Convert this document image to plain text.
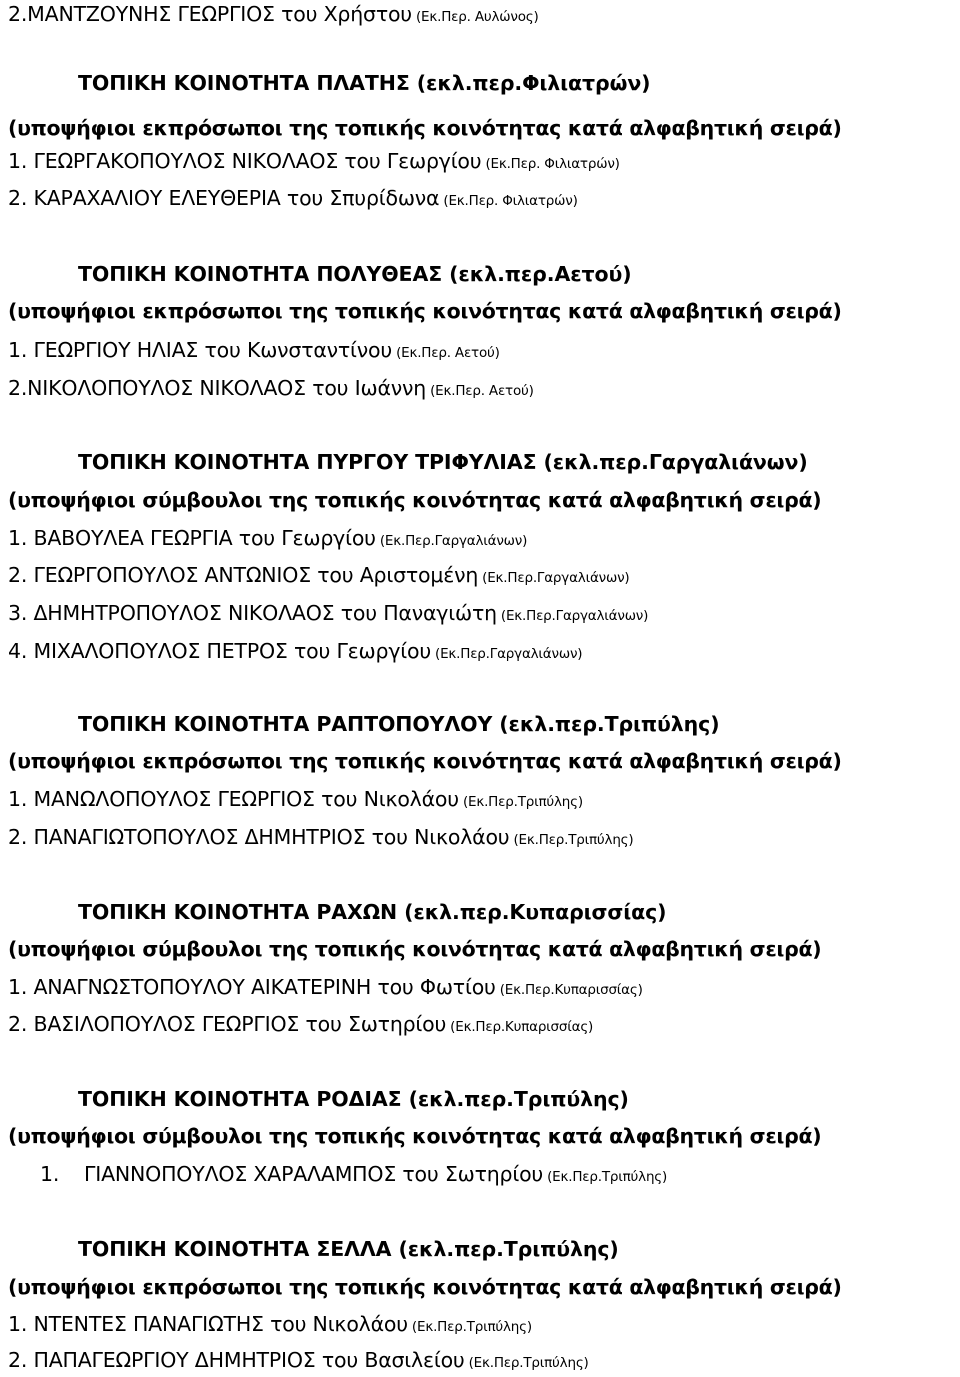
2.ΜΑΝΤΖΟΥΝΗΣ ΓΕΩΡΓΙΟΣ του Χρήστου (Εκ.Περ. Αυλώνος)
ΤΟΠΙΚΗ ΚΟΙΝΟΤΗΤΑ ΠΛΑΤΗΣ (εκλ.περ.Φιλιατρών)
(υποψήφιοι εκπρόσωποι της τοπικής κοινότητας κατά αλφαβητική σειρά)
1. ΓΕΩΡΓΑΚΟΠΟΥΛΟΣ ΝΙΚΟΛΑΟΣ του Γεωργίου (Εκ.Περ. Φιλιατρών)
2. ΚΑΡΑΧΑΛΙΟΥ ΕΛΕΥΘΕΡΙΑ του Σπυρίδωνα (Εκ.Περ. Φιλιατρών)
ΤΟΠΙΚΗ ΚΟΙΝΟΤΗΤΑ ΠΟΛΥΘΕΑΣ (εκλ.περ.Αετού)
(υποψήφιοι εκπρόσωποι της τοπικής κοινότητας κατά αλφαβητική σειρά)
1. ΓΕΩΡΓΙΟΥ ΗΛΙΑΣ του Κωνσταντίνου (Εκ.Περ. Αετού)
2.ΝΙΚΟΛΟΠΟΥΛΟΣ ΝΙΚΟΛΑΟΣ του Ιωάννη (Εκ.Περ. Αετού)
ΤΟΠΙΚΗ ΚΟΙΝΟΤΗΤΑ ΠΥΡΓΟΥ ΤΡΙΦΥΛΙΑΣ (εκλ.περ.Γαργαλιάνων)
(υποψήφιοι σύμβουλοι της τοπικής κοινότητας κατά αλφαβητική σειρά)
1. ΒΑΒΟΥΛΕΑ ΓΕΩΡΓΙΑ του Γεωργίου (Εκ.Περ.Γαργαλιάνων)
2. ΓΕΩΡΓΟΠΟΥΛΟΣ ΑΝΤΩΝΙΟΣ του Αριστομένη (Εκ.Περ.Γαργαλιάνων)
3. ΔΗΜΗΤΡΟΠΟΥΛΟΣ ΝΙΚΟΛΑΟΣ του Παναγιώτη (Εκ.Περ.Γαργαλιάνων)
4. ΜΙΧΑΛΟΠΟΥΛΟΣ ΠΕΤΡΟΣ του Γεωργίου (Εκ.Περ.Γαργαλιάνων)
ΤΟΠΙΚΗ ΚΟΙΝΟΤΗΤΑ ΡΑΠΤΟΠΟΥΛΟΥ (εκλ.περ.Τριπύλης)
(υποψήφιοι εκπρόσωποι της τοπικής κοινότητας κατά αλφαβητική σειρά)
1. ΜΑΝΩΛΟΠΟΥΛΟΣ ΓΕΩΡΓΙΟΣ του Νικολάου (Εκ.Περ.Τριπύλης)
2. ΠΑΝΑΓΙΩΤΟΠΟΥΛΟΣ ΔΗΜΗΤΡΙΟΣ του Νικολάου (Εκ.Περ.Τριπύλης)
ΤΟΠΙΚΗ ΚΟΙΝΟΤΗΤΑ ΡΑΧΩΝ (εκλ.περ.Κυπαρισσίας)
(υποψήφιοι σύμβουλοι της τοπικής κοινότητας κατά αλφαβητική σειρά)
1. ΑΝΑΓΝΩΣΤΟΠΟΥΛΟΥ ΑΙΚΑΤΕΡΙΝΗ του Φωτίου (Εκ.Περ.Κυπαρισσίας)
2. ΒΑΣΙΛΟΠΟΥΛΟΣ ΓΕΩΡΓΙΟΣ του Σωτηρίου (Εκ.Περ.Κυπαρισσίας)
ΤΟΠΙΚΗ ΚΟΙΝΟΤΗΤΑ ΡΟΔΙΑΣ (εκλ.περ.Τριπύλης)
(υποψήφιοι σύμβουλοι της τοπικής κοινότητας κατά αλφαβητική σειρά)
1. ΓΙΑΝΝΟΠΟΥΛΟΣ ΧΑΡΑΛΑΜΠΟΣ του Σωτηρίου (Εκ.Περ.Τριπύλης)
ΤΟΠΙΚΗ ΚΟΙΝΟΤΗΤΑ ΣΕΛΛΑ (εκλ.περ.Τριπύλης)
(υποψήφιοι εκπρόσωποι της τοπικής κοινότητας κατά αλφαβητική σειρά)
1. ΝΤΕΝΤΕΣ ΠΑΝΑΓΙΩΤΗΣ του Νικολάου (Εκ.Περ.Τριπύλης)
2. ΠΑΠΑΓΕΩΡΓΙΟΥ ΔΗΜΗΤΡΙΟΣ του Βασιλείου (Εκ.Περ.Τριπύλης)
